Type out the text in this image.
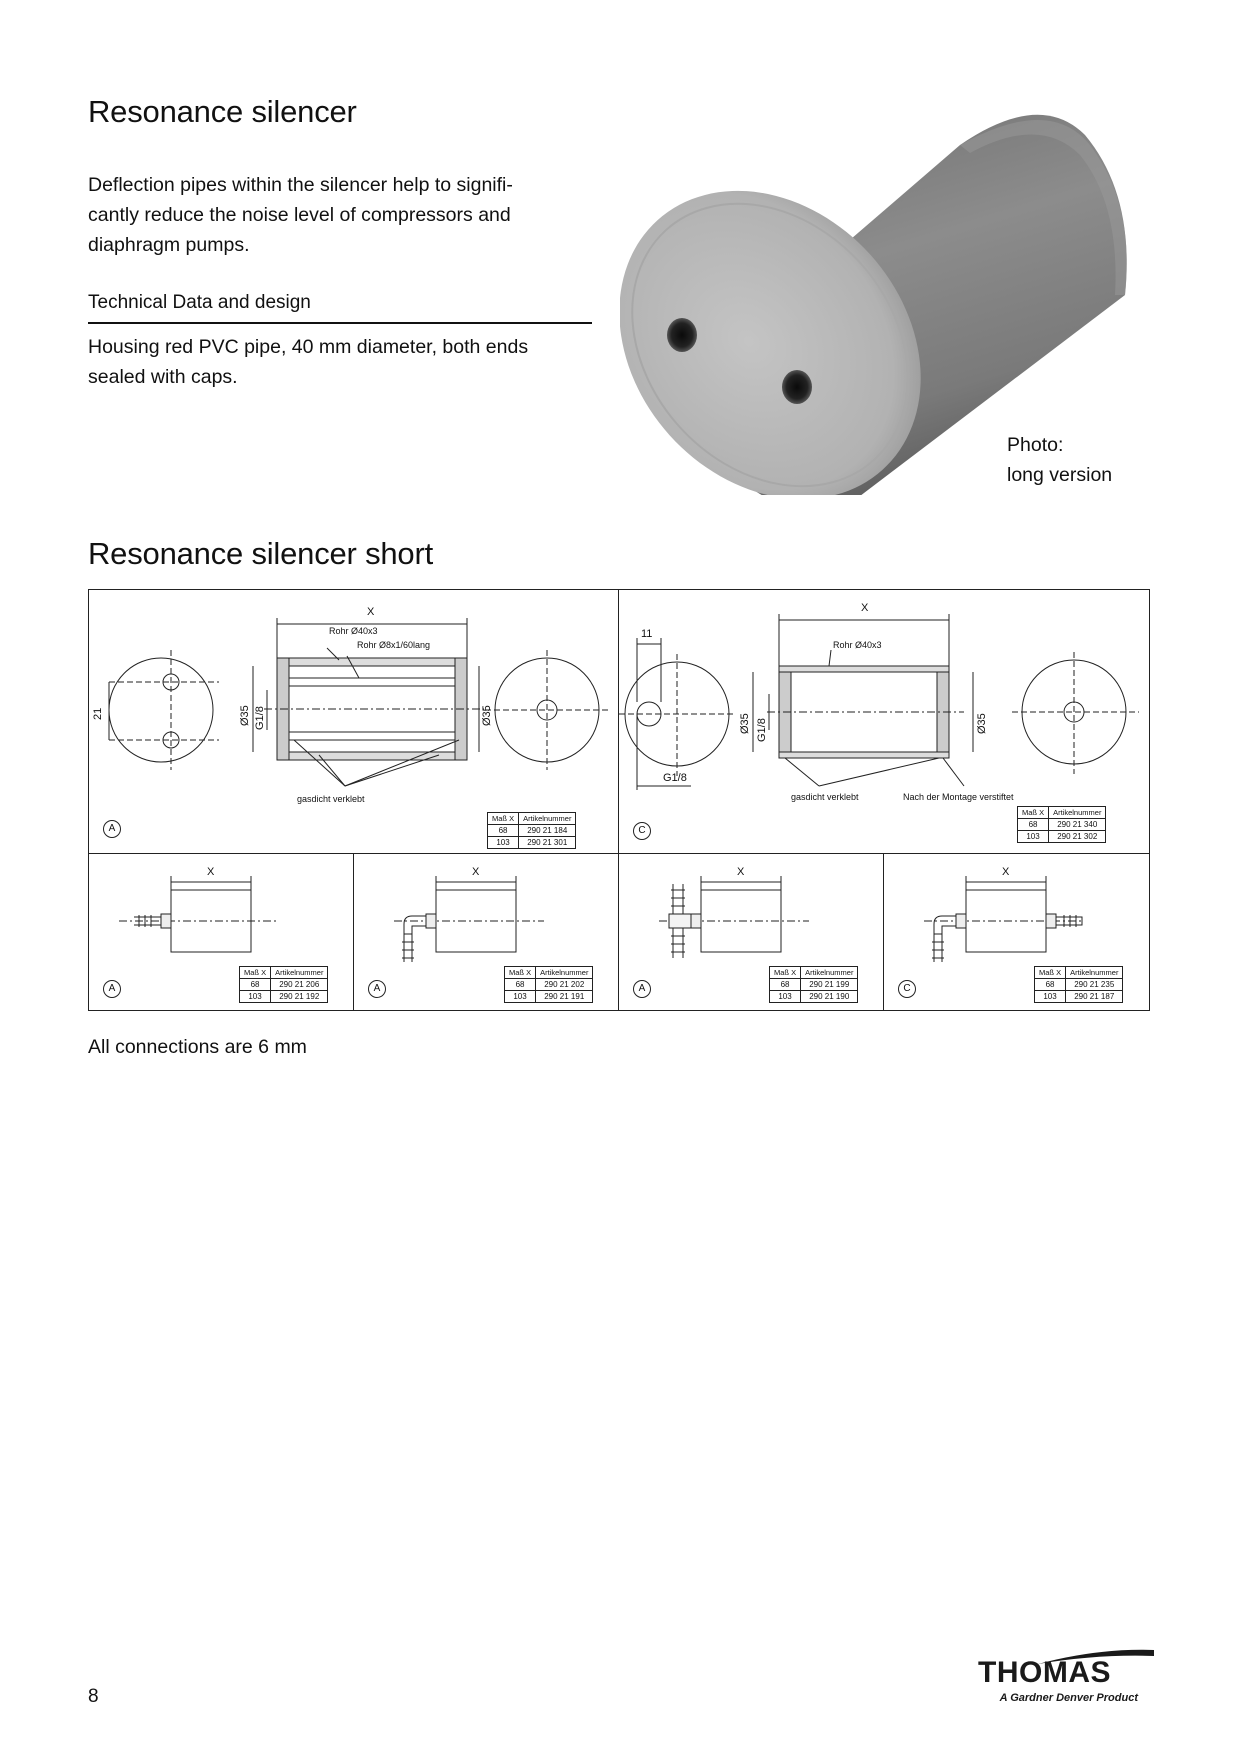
Resonance silencer

Deflection pipes within the silencer help to signifi-

cantly reduce the noise level of compressors and

diaphragm pumps.

Technical Data and design

Housing red PVC pipe, 40 mm diameter, both ends

sealed with caps.

Photo:
long version
Resonance silencer short
X
Rohr Ø40x3
Rohr Ø8x1/60lang
21	Ø35 G1/8	Ø35
gasdicht verklebt
A
Maß X	Artikelnummer
68	290 21 184
103	290 21 301
X
11
Rohr Ø40x3
Ø35 G1/8
G1/8
Ø35
gasdicht verklebt	Nach der Montage verstiftet
C
Maß X	Artikelnummer
68	290 21 340
103	290 21 302
X
A
Maß X	Artikelnummer
68	290 21 206
103	290 21 192
X
A
Maß X	Artikelnummer
68	290 21 202
103	290 21 191
X
A
Maß X	Artikelnummer
68	290 21 199
103	290 21 190
X
C
Maß X	Artikelnummer
68	290 21 235
103	290 21 187
All connections are 6 mm
8
THOMAS
A Gardner Denver Product
